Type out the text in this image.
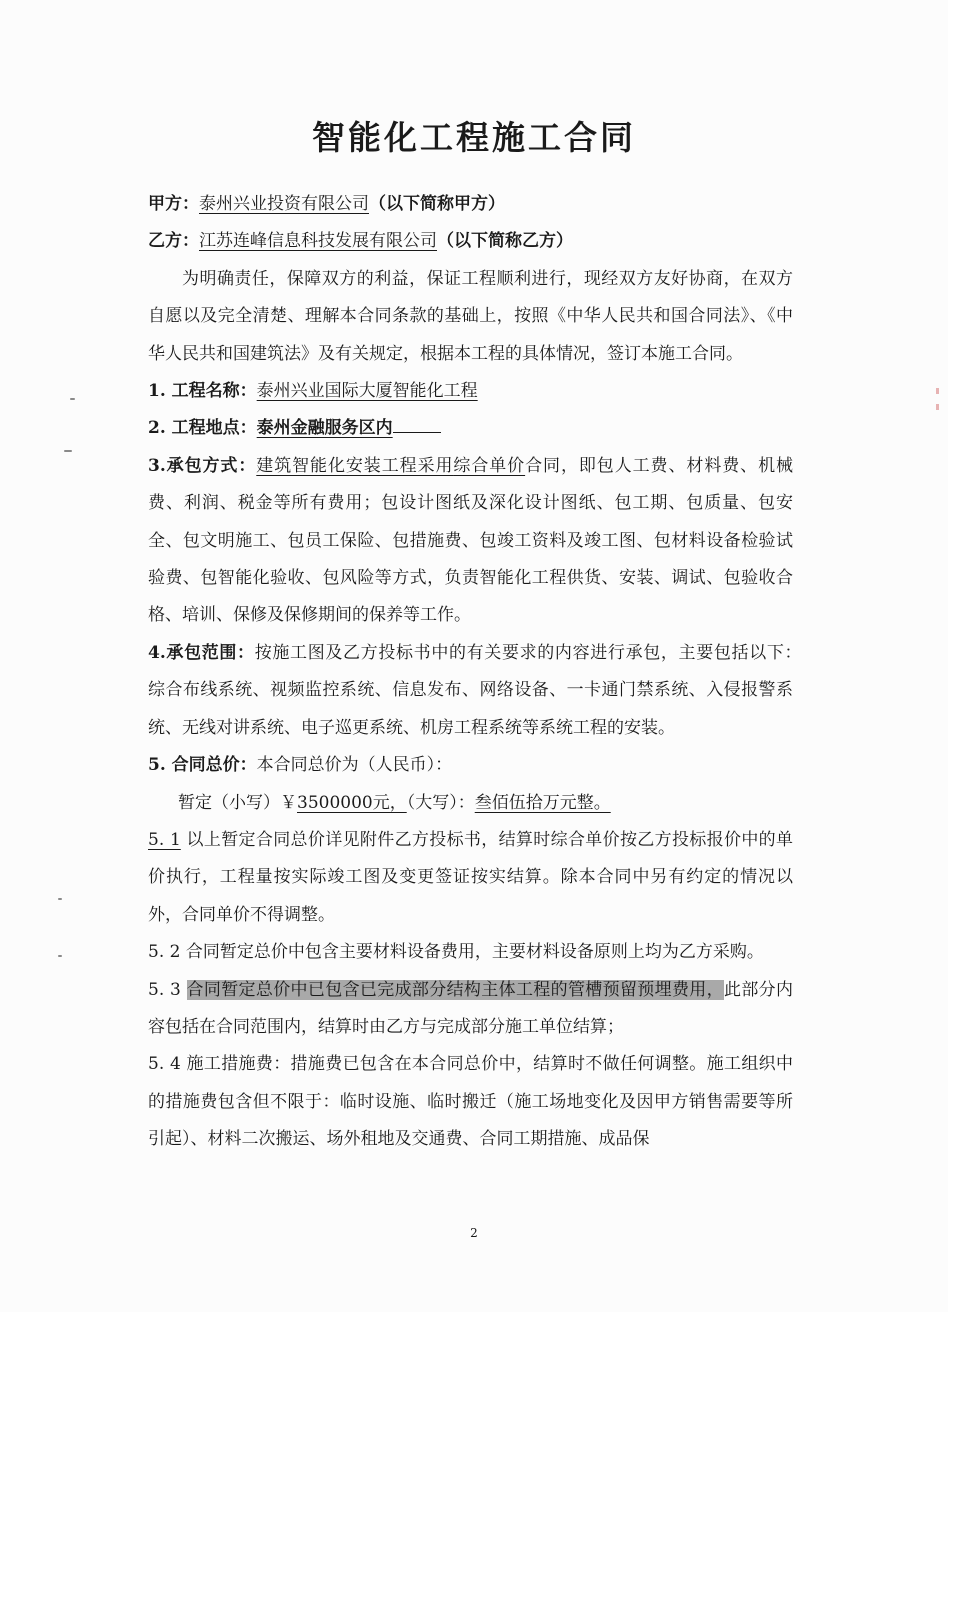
智能化工程施工合同

甲方：泰州兴业投资有限公司（以下简称甲方）

乙方：江苏连峰信息科技发展有限公司（以下简称乙方）

为明确责任，保障双方的利益，保证工程顺利进行，现经双方友好协商，在双方自愿以及完全清楚、理解本合同条款的基础上，按照《中华人民共和国合同法》、《中华人民共和国建筑法》及有关规定，根据本工程的具体情况，签订本施工合同。

1. 工程名称：泰州兴业国际大厦智能化工程

2. 工程地点：泰州金融服务区内

3.承包方式：建筑智能化安装工程采用综合单价合同，即包人工费、材料费、机械费、利润、税金等所有费用；包设计图纸及深化设计图纸、包工期、包质量、包安全、包文明施工、包员工保险、包措施费、包竣工资料及竣工图、包材料设备检验试验费、包智能化验收、包风险等方式，负责智能化工程供货、安装、调试、包验收合格、培训、保修及保修期间的保养等工作。

4.承包范围：按施工图及乙方投标书中的有关要求的内容进行承包，主要包括以下：　综合布线系统、视频监控系统、信息发布、网络设备、一卡通门禁系统、入侵报警系统、无线对讲系统、电子巡更系统、机房工程系统等系统工程的安装。

5. 合同总价：本合同总价为（人民币）：

暂定（小写）￥3500000元，（大写）：叁佰伍拾万元整。

5. 1 以上暂定合同总价详见附件乙方投标书，结算时综合单价按乙方投标报价中的单价执行，工程量按实际竣工图及变更签证按实结算。除本合同中另有约定的情况以外，合同单价不得调整。

5. 2 合同暂定总价中包含主要材料设备费用，主要材料设备原则上均为乙方采购。

5. 3 合同暂定总价中已包含已完成部分结构主体工程的管槽预留预埋费用，此部分内容包括在合同范围内，结算时由乙方与完成部分施工单位结算；

5. 4 施工措施费：措施费已包含在本合同总价中，结算时不做任何调整。施工组织中的措施费包含但不限于：临时设施、临时搬迁（施工场地变化及因甲方销售需要等所引起）、材料二次搬运、场外租地及交通费、合同工期措施、成品保

2
